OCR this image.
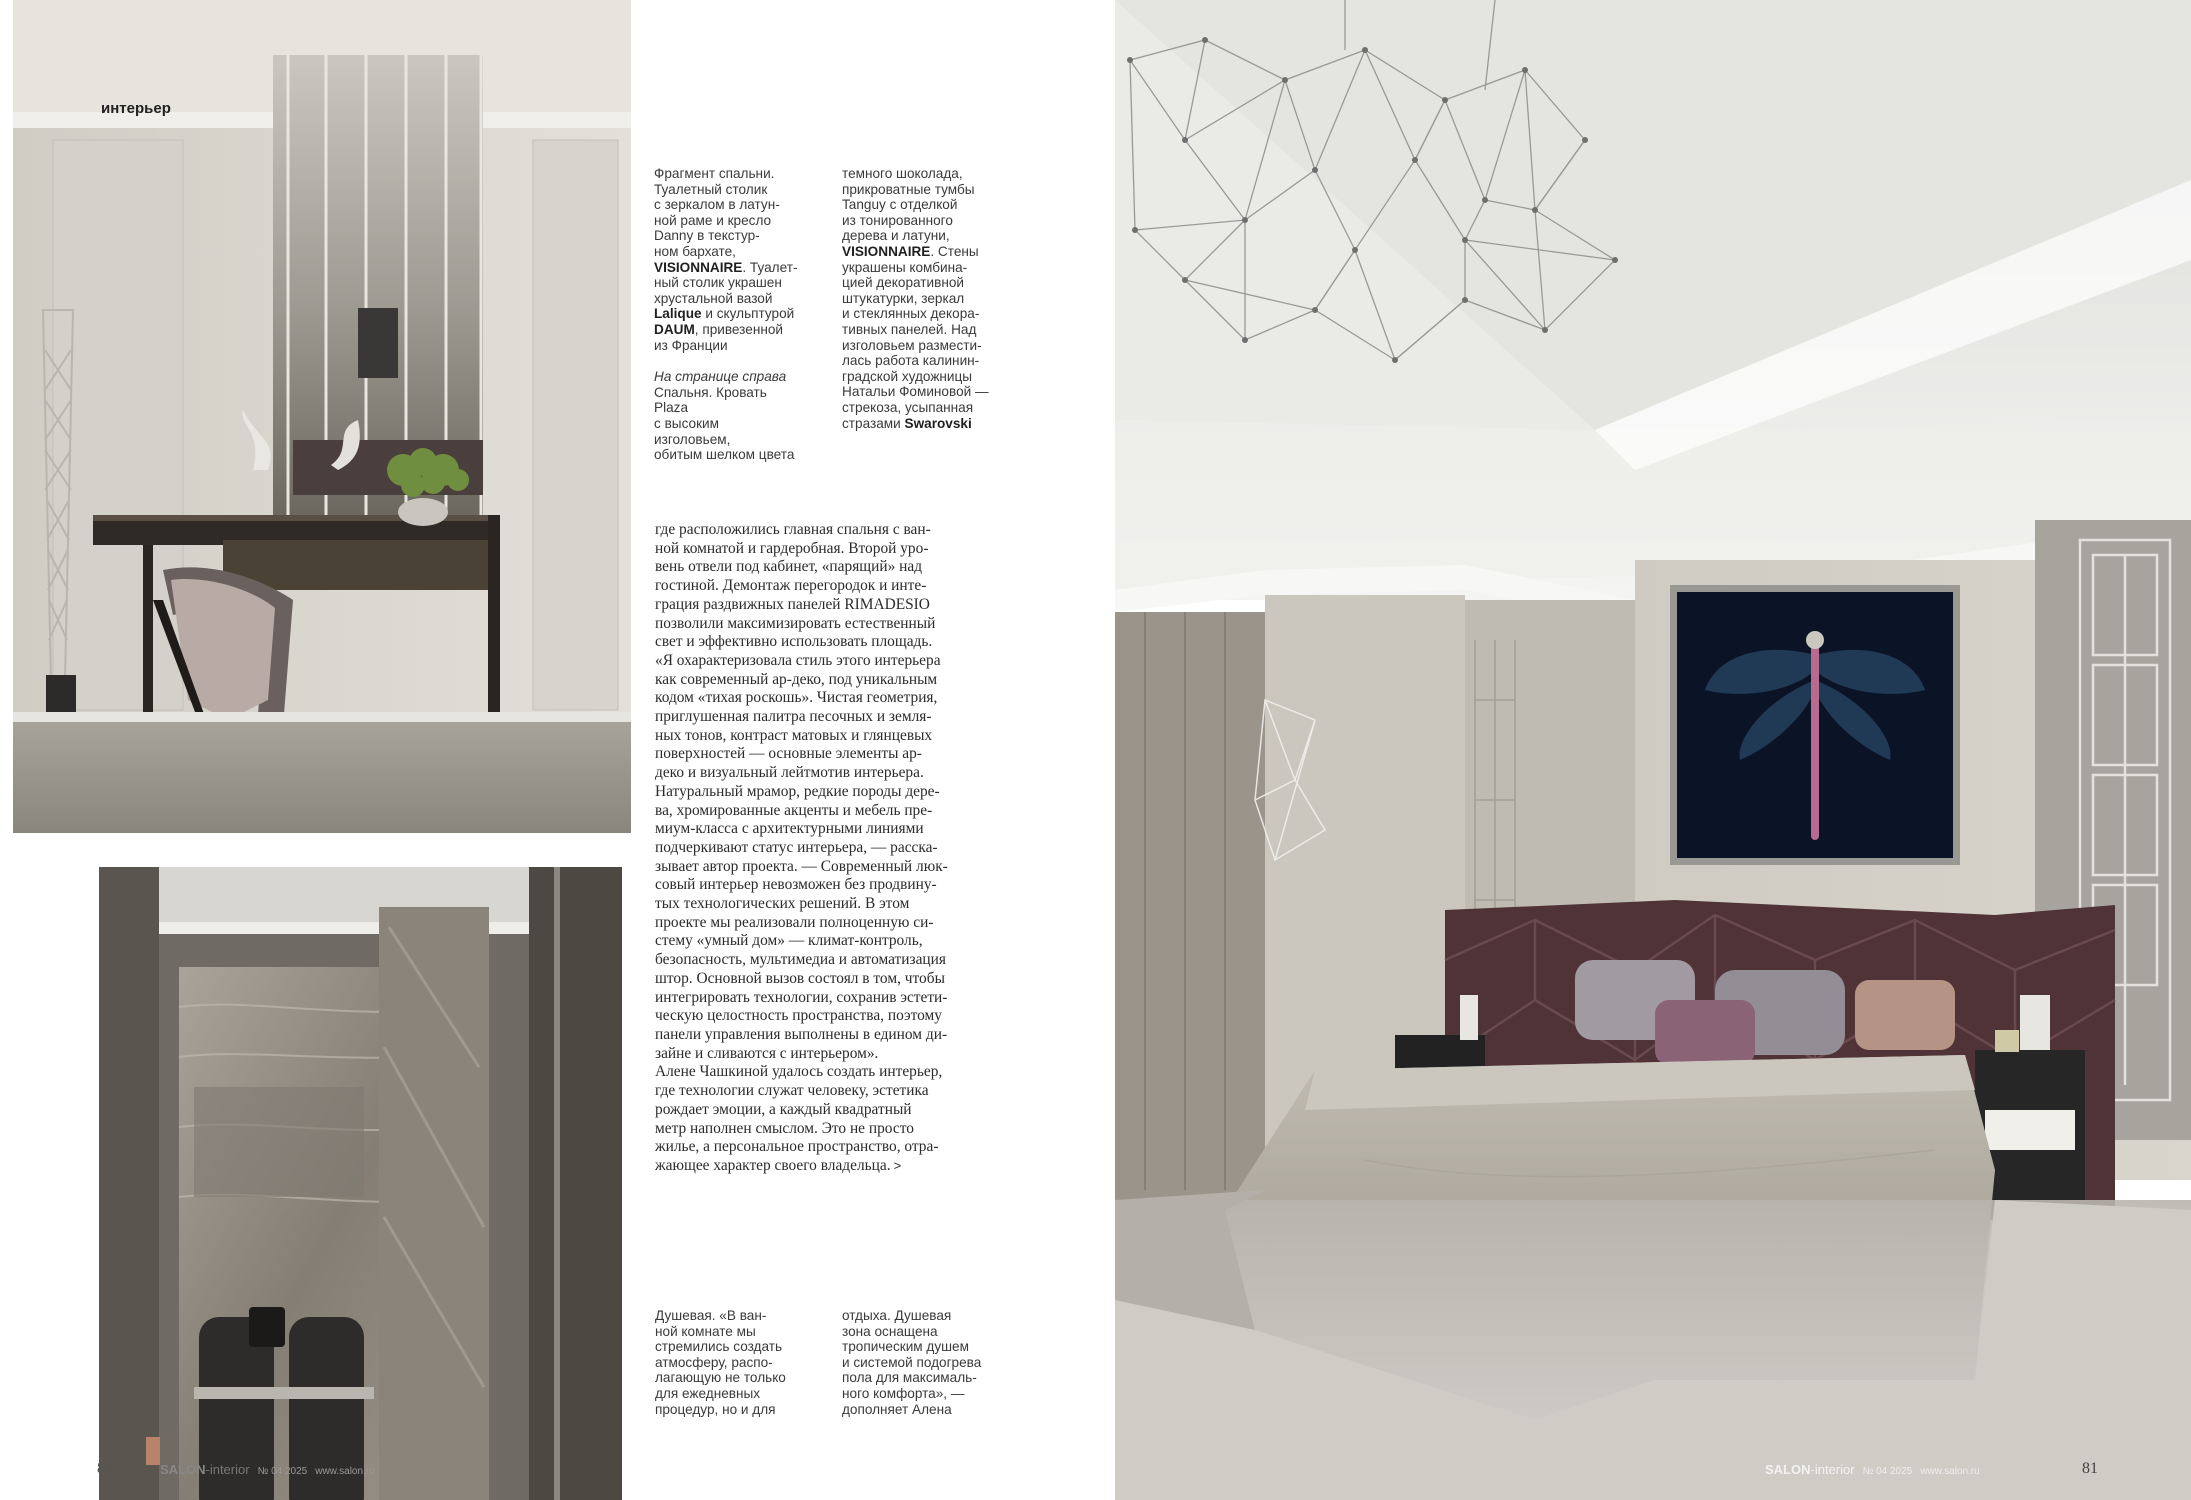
интерьер

Фрагмент спальни.
Туалетный столик
с зеркалом в латун-
ной раме и кресло
Danny в текстур-
ном бархате,
VISIONNAIRE. Туалет-
ный столик украшен
хрустальной вазой
Lalique и скульптурой
DAUM, привезенной
из Франции

На странице справа
Спальня. Кровать Plaza
с высоким изголовьем,
обитым шелком цвета

темного шоколада,
прикроватные тумбы
Tanguy с отделкой
из тонированного
дерева и латуни,
VISIONNAIRE. Стены
украшены комбина-
цией декоративной
штукатурки, зеркал
и стеклянных декора-
тивных панелей. Над
изголовьем размести-
лась работа калинин-
градской художницы
Натальи Фоминовой —
стрекоза, усыпанная
стразами Swarovski

где расположились главная спальня с ван-
ной комнатой и гардеробная. Второй уро-
вень отвели под кабинет, «парящий» над
гостиной. Демонтаж перегородок и инте-
грация раздвижных панелей RIMADESIO
позволили максимизировать естественный
свет и эффективно использовать площадь.
«Я охарактеризовала стиль этого интерьера
как современный ар-деко, под уникальным
кодом «тихая роскошь». Чистая геометрия,
приглушенная палитра песочных и земля-
ных тонов, контраст матовых и глянцевых
поверхностей — основные элементы ар-
деко и визуальный лейтмотив интерьера.
Натуральный мрамор, редкие породы дере-
ва, хромированные акценты и мебель пре-
миум-класса с архитектурными линиями
подчеркивают статус интерьера, — расска-
зывает автор проекта. — Современный люк-
совый интерьер невозможен без продвину-
тых технологических решений. В этом
проекте мы реализовали полноценную си-
стему «умный дом» — климат-контроль,
безопасность, мультимедиа и автоматизация
штор. Основной вызов состоял в том, чтобы
интегрировать технологии, сохранив эстети-
ческую целостность пространства, поэтому
панели управления выполнены в едином ди-
зайне и сливаются с интерьером».
Алене Чашкиной удалось создать интерьер,
где технологии служат человеку, эстетика
рождает эмоции, а каждый квадратный
метр наполнен смыслом. Это не просто
жилье, а персональное пространство, отра-
жающее характер своего владельца. >
Душевая. «В ван-
ной комнате мы
стремились создать
атмосферу, распо-
лагающую не только
для ежедневных
процедур, но и для
отдыха. Душевая
зона оснащена
тропическим душем
и системой подогрева
пола для максималь-
ного комфорта», —
дополняет Алена
80	SALON-interior № 04 2025 www.salon.ru	SALON-interior № 04 2025 www.salon.ru	81
